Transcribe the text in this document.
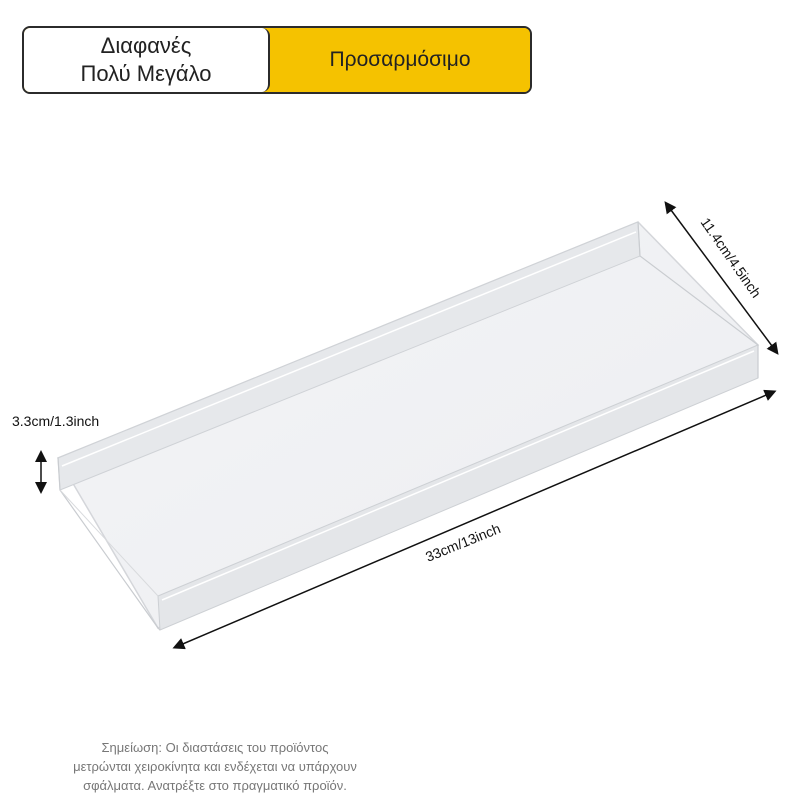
Διαφανές
Πολύ Μεγάλο
Προσαρμόσιμο
3.3cm/1.3inch
33cm/13inch
11.4cm/4.5inch
Σημείωση: Οι διαστάσεις του προϊόντος
μετρώνται χειροκίνητα και ενδέχεται να υπάρχουν
σφάλματα. Ανατρέξτε στο πραγματικό προϊόν.
